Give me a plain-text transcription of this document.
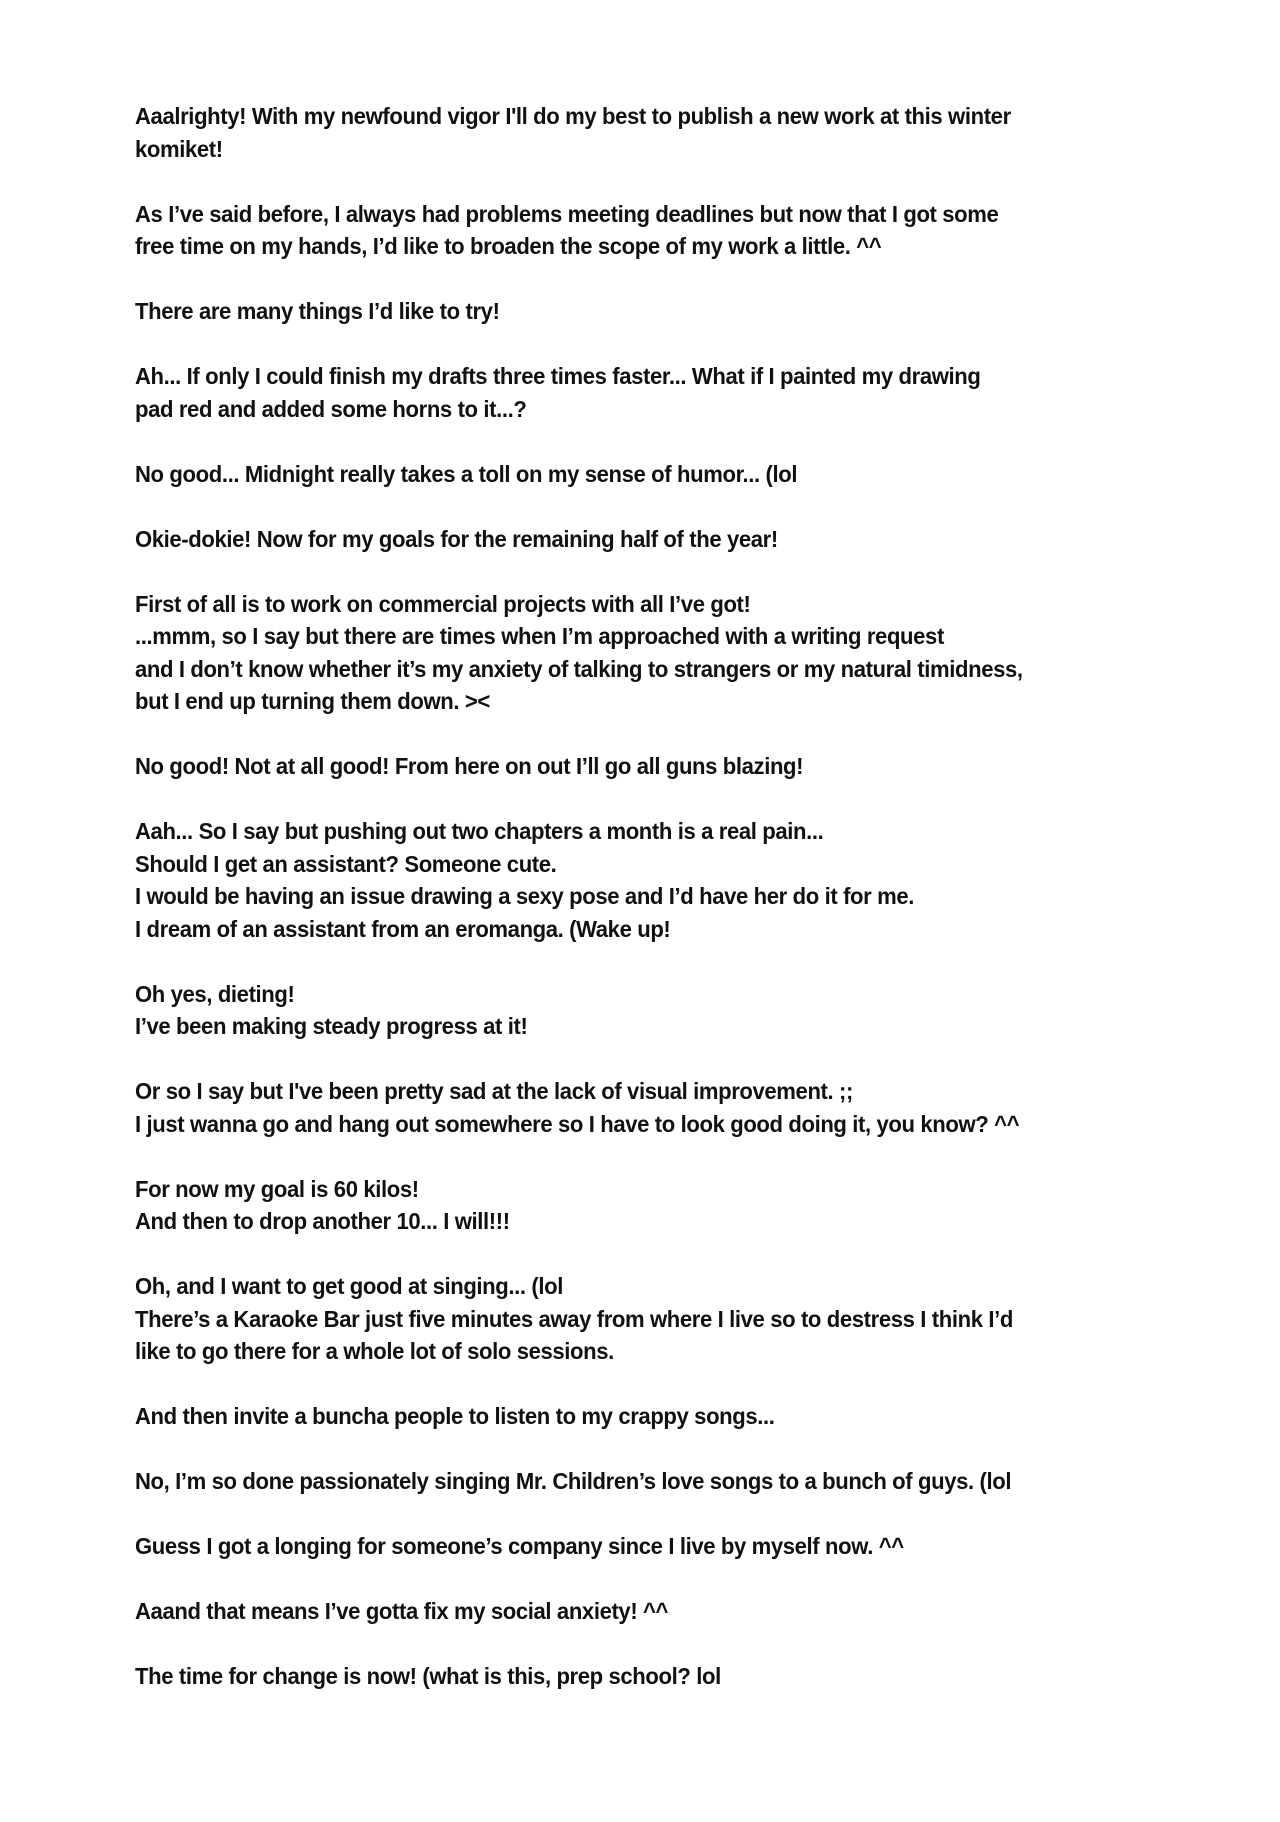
Aaalrighty! With my newfound vigor I'll do my best to publish a new work at this winter
komiket!

As I’ve said before, I always had problems meeting deadlines but now that I got some
free time on my hands, I’d like to broaden the scope of my work a little. ^^

There are many things I’d like to try!

Ah... If only I could finish my drafts three times faster... What if I painted my drawing
pad red and added some horns to it...?

No good... Midnight really takes a toll on my sense of humor... (lol

Okie-dokie! Now for my goals for the remaining half of the year!

First of all is to work on commercial projects with all I’ve got!
...mmm, so I say but there are times when I’m approached with a writing request
and I don’t know whether it’s my anxiety of talking to strangers or my natural timidness,
but I end up turning them down. ><

No good! Not at all good! From here on out I’ll go all guns blazing!

Aah... So I say but pushing out two chapters a month is a real pain...
Should I get an assistant? Someone cute.
I would be having an issue drawing a sexy pose and I’d have her do it for me.
I dream of an assistant from an eromanga. (Wake up!

Oh yes, dieting!
I’ve been making steady progress at it!

Or so I say but I've been pretty sad at the lack of visual improvement. ;;
I just wanna go and hang out somewhere so I have to look good doing it, you know? ^^

For now my goal is 60 kilos!
And then to drop another 10... I will!!!

Oh, and I want to get good at singing... (lol
There’s a Karaoke Bar just five minutes away from where I live so to destress I think I’d
like to go there for a whole lot of solo sessions.

And then invite a buncha people to listen to my crappy songs...

No, I’m so done passionately singing Mr. Children’s love songs to a bunch of guys. (lol

Guess I got a longing for someone’s company since I live by myself now. ^^

Aaand that means I’ve gotta fix my social anxiety! ^^

The time for change is now! (what is this, prep school? lol
